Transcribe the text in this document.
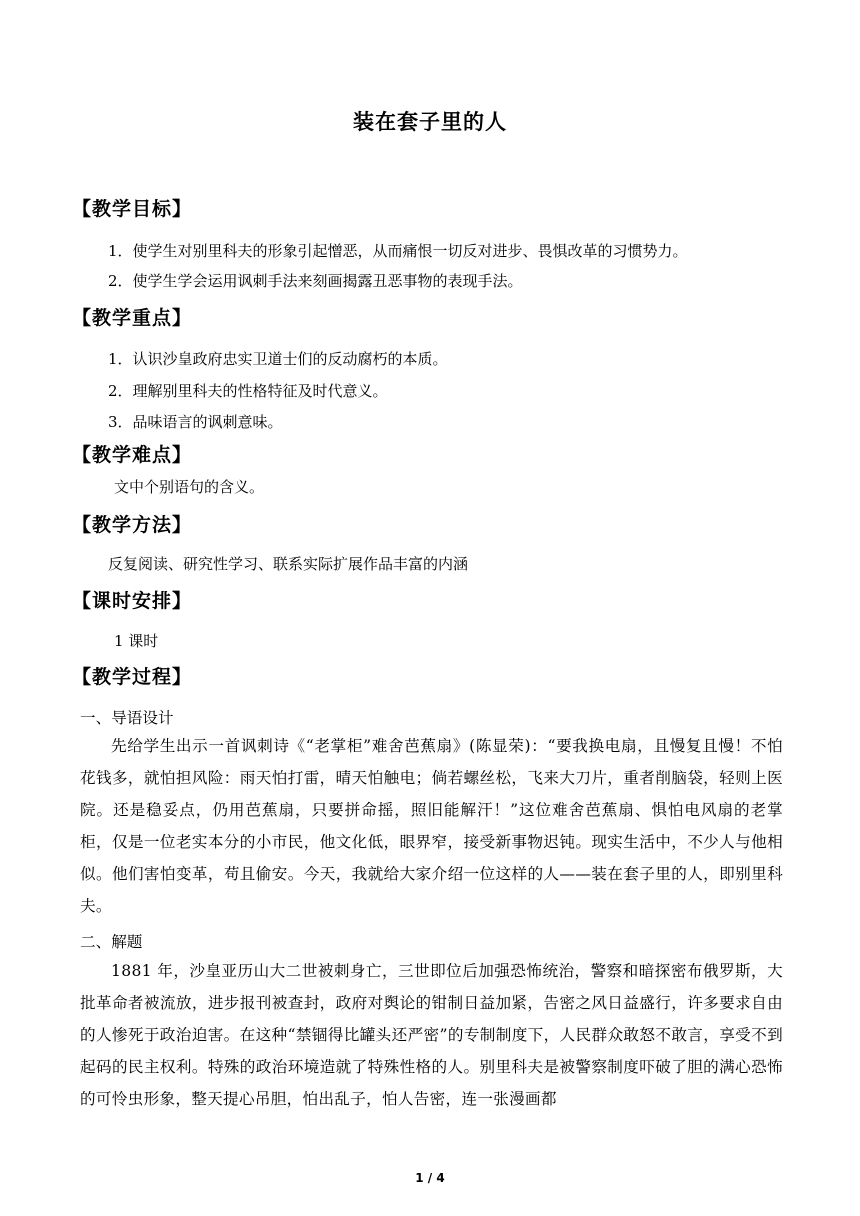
装在套子里的人
【教学目标】
1．使学生对别里科夫的形象引起憎恶，从而痛恨一切反对进步、畏惧改革的习惯势力。
2．使学生学会运用讽刺手法来刻画揭露丑恶事物的表现手法。
【教学重点】
1．认识沙皇政府忠实卫道士们的反动腐朽的本质。
2．理解别里科夫的性格特征及时代意义。
3．品味语言的讽刺意味。
【教学难点】
文中个别语句的含义。
【教学方法】
反复阅读、研究性学习、联系实际扩展作品丰富的内涵
【课时安排】
1 课时
【教学过程】
一、导语设计
先给学生出示一首讽刺诗《“老掌柜”难舍芭蕉扇》(陈显荣)：“要我换电扇，且慢复且慢！不怕花钱多，就怕担风险：雨天怕打雷，晴天怕触电；倘若螺丝松，飞来大刀片，重者削脑袋，轻则上医院。还是稳妥点，仍用芭蕉扇，只要拼命摇，照旧能解汗！”这位难舍芭蕉扇、惧怕电风扇的老掌柜，仅是一位老实本分的小市民，他文化低，眼界窄，接受新事物迟钝。现实生活中，不少人与他相似。他们害怕变革，苟且偷安。今天，我就给大家介绍一位这样的人——装在套子里的人，即别里科夫。
二、解题
1881 年，沙皇亚历山大二世被刺身亡，三世即位后加强恐怖统治，警察和暗探密布俄罗斯，大批革命者被流放，进步报刊被查封，政府对舆论的钳制日益加紧，告密之风日益盛行，许多要求自由的人惨死于政治迫害。在这种“禁锢得比罐头还严密”的专制制度下，人民群众敢怒不敢言，享受不到起码的民主权利。特殊的政治环境造就了特殊性格的人。别里科夫是被警察制度吓破了胆的满心恐怖的可怜虫形象，整天提心吊胆，怕出乱子，怕人告密，连一张漫画都
1 / 4
